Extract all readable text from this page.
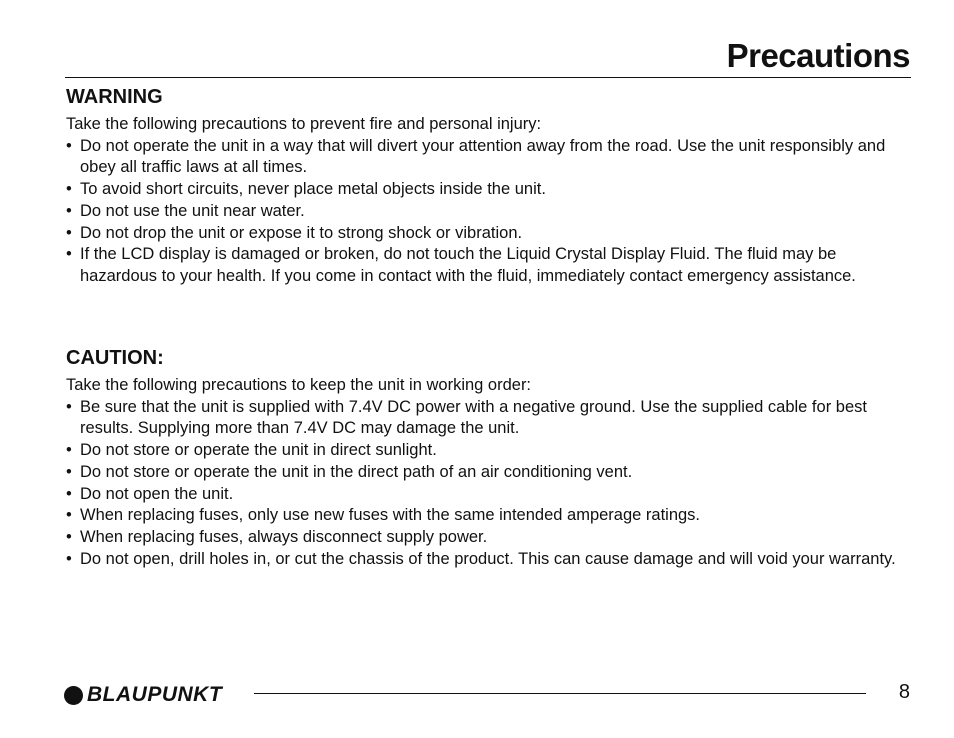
Precautions
WARNING

Take the following precautions to prevent fire and personal injury:

• Do not operate the unit in a way that will divert your attention away from the road. Use the unit responsibly and obey all traffic laws at all times.
• To avoid short circuits, never place metal objects inside the unit.
• Do not use the unit near water.
• Do not drop the unit or expose it to strong shock or vibration.
• If the LCD display is damaged or broken, do not touch the Liquid Crystal Display Fluid. The fluid may be hazardous to your health. If you come in contact with the fluid, immediately contact emergency assistance.
CAUTION:

Take the following precautions to keep the unit in working order:

• Be sure that the unit is supplied with 7.4V DC power with a negative ground. Use the supplied cable for best results. Supplying more than 7.4V DC may damage the unit.
• Do not store or operate the unit in direct sunlight.
• Do not store or operate the unit in the direct path of an air conditioning vent.
• Do not open the unit.
• When replacing fuses, only use new fuses with the same intended amperage ratings.
• When replacing fuses, always disconnect supply power.
• Do not open, drill holes in, or cut the chassis of the product. This can cause damage and will void your warranty.
BLAUPUNKT	8
